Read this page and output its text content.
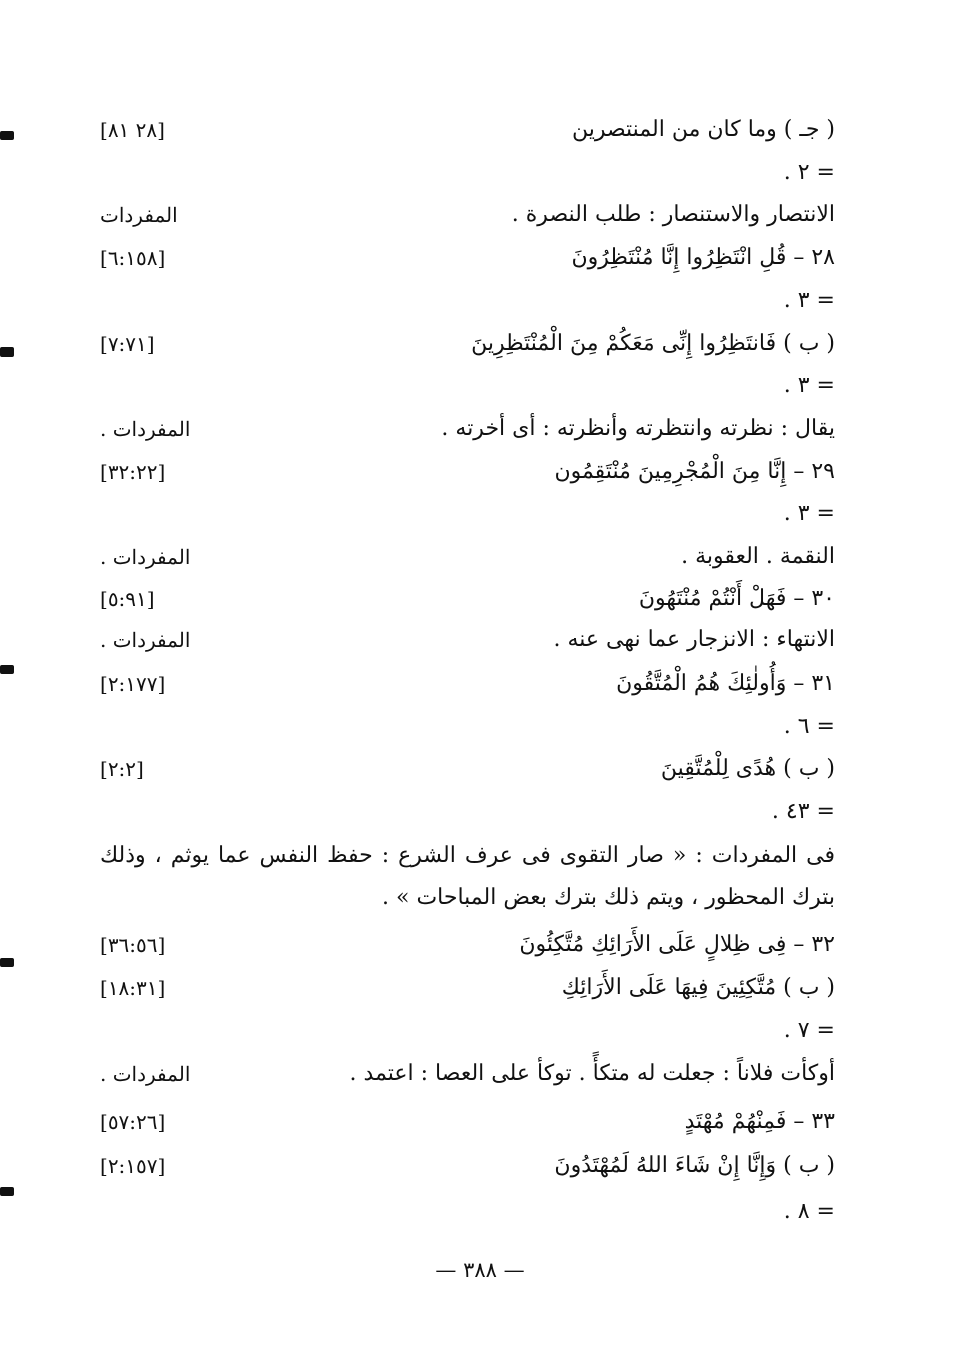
( جـ ) وما كان من المنتصرين
[٢٨ ٨١]
= ٢ .
الانتصار والاستنصار : طلب النصرة .
المفردات
٢٨ – قُلِ انْتَظِرُوا إِنَّا مُنْتَظِرُونَ
[٦:١٥٨]
= ٣ .
( ب ) فَانتَظِرُوا إِنِّى مَعَكُمْ مِنَ الْمُنْتَظِرِينَ
[٧:٧١]
= ٣ .
يقال : نظرته وانتظرته وأنظرته : أى أخرته .
المفردات .
٢٩ – إِنَّا مِنَ الْمُجْرِمِينَ مُنْتَقِمُون
[٣٢:٢٢]
= ٣ .
النقمة . العقوبة .
المفردات .
٣٠ – فَهَلْ أَنْتُمْ مُنْتَهُونَ
[٥:٩١]
الانتهاء : الانزجار عما نهى عنه .
المفردات .
٣١ – وَأُولٰئِكَ هُمُ الْمُتَّقُونَ
[٢:١٧٧]
= ٦ .
( ب ) هُدًى لِلْمُتَّقِينَ
[٢:٢]
= ٤٣ .
فى المفردات : « صار التقوى فى عرف الشرع : حفظ النفس عما يوثم ، وذلك بترك المحظور ، ويتم ذلك بترك بعض المباحات » .
٣٢ – فِى ظِلالٍ عَلَى الأَرَائِكِ مُتَّكِئُونَ
[٣٦:٥٦]
( ب ) مُتَّكِئِينَ فِيهَا عَلَى الأَرَائِكِ
[١٨:٣١]
= ٧ .
أوكأت فلاناً : جعلت له متكأً . توكأ على العصا : اعتمد .
المفردات .
٣٣ – فَمِنْهُمْ مُهْتَدٍ
[٥٧:٢٦]
( ب ) وَإِنَّا إِنْ شَاءَ اللهُ لَمُهْتَدُونَ
[٢:١٥٧]
= ٨ .
— ٣٨٨ —
